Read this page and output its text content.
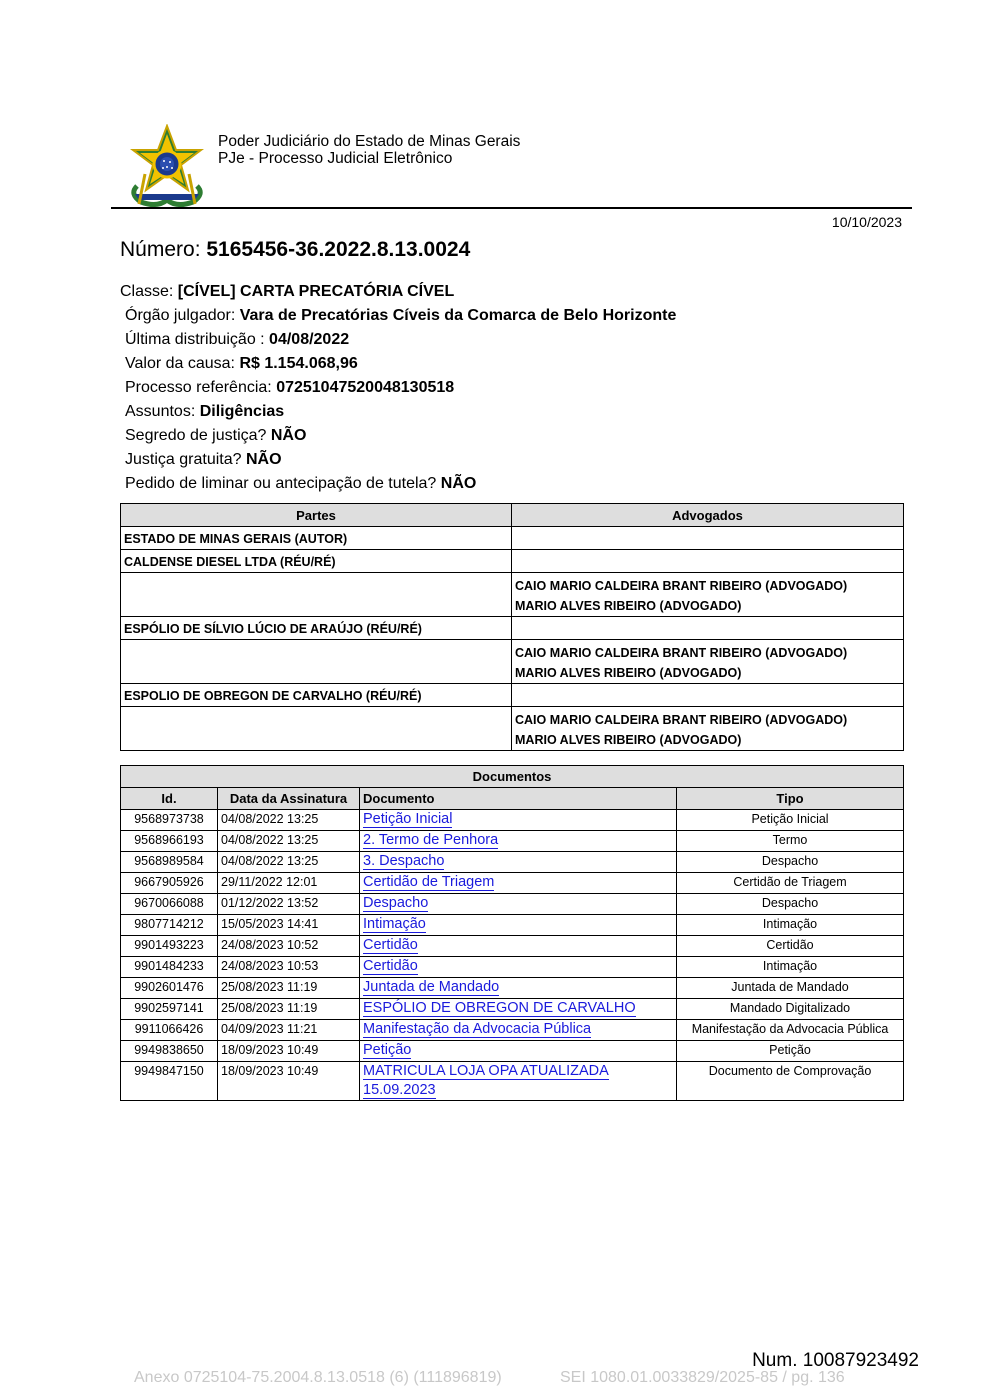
Poder Judiciário do Estado de Minas Gerais
PJe - Processo Judicial Eletrônico
10/10/2023
Número: 5165456-36.2022.8.13.0024
Classe: [CÍVEL] CARTA PRECATÓRIA CÍVEL
Órgão julgador: Vara de Precatórias Cíveis da Comarca de Belo Horizonte
Última distribuição : 04/08/2022
Valor da causa: R$ 1.154.068,96
Processo referência: 07251047520048130518
Assuntos: Diligências
Segredo de justiça? NÃO
Justiça gratuita? NÃO
Pedido de liminar ou antecipação de tutela? NÃO
Partes	Advogados
ESTADO DE MINAS GERAIS (AUTOR)	
CALDENSE DIESEL LTDA (RÉU/RÉ)	

	CAIO MARIO CALDEIRA BRANT RIBEIRO (ADVOGADO)
MARIO ALVES RIBEIRO (ADVOGADO)

ESPÓLIO DE SÍLVIO LÚCIO DE ARAÚJO (RÉU/RÉ)	

	CAIO MARIO CALDEIRA BRANT RIBEIRO (ADVOGADO)
MARIO ALVES RIBEIRO (ADVOGADO)

ESPOLIO DE OBREGON DE CARVALHO (RÉU/RÉ)	

	CAIO MARIO CALDEIRA BRANT RIBEIRO (ADVOGADO)
MARIO ALVES RIBEIRO (ADVOGADO)
Documentos			
Id.	Data da Assinatura	Documento	Tipo
9568973738	04/08/2022 13:25	Petição Inicial	Petição Inicial
9568966193	04/08/2022 13:25	2. Termo de Penhora	Termo
9568989584	04/08/2022 13:25	3. Despacho	Despacho
9667905926	29/11/2022 12:01	Certidão de Triagem	Certidão de Triagem
9670066088	01/12/2022 13:52	Despacho	Despacho
9807714212	15/05/2023 14:41	Intimação	Intimação
9901493223	24/08/2023 10:52	Certidão	Certidão
9901484233	24/08/2023 10:53	Certidão	Intimação
9902601476	25/08/2023 11:19	Juntada de Mandado	Juntada de Mandado
9902597141	25/08/2023 11:19	ESPÓLIO DE OBREGON DE CARVALHO	Mandado Digitalizado
9911066426	04/09/2023 11:21	Manifestação da Advocacia Pública	Manifestação da Advocacia Pública
9949838650	18/09/2023 10:49	Petição	Petição
9949847150	18/09/2023 10:49	MATRICULA LOJA OPA ATUALIZADA 15.09.2023	Documento de Comprovação
Num. 10087923492
Anexo 0725104-75.2004.8.13.0518 (6) (111896819)	SEI 1080.01.0033829/2025-85 / pg. 136
